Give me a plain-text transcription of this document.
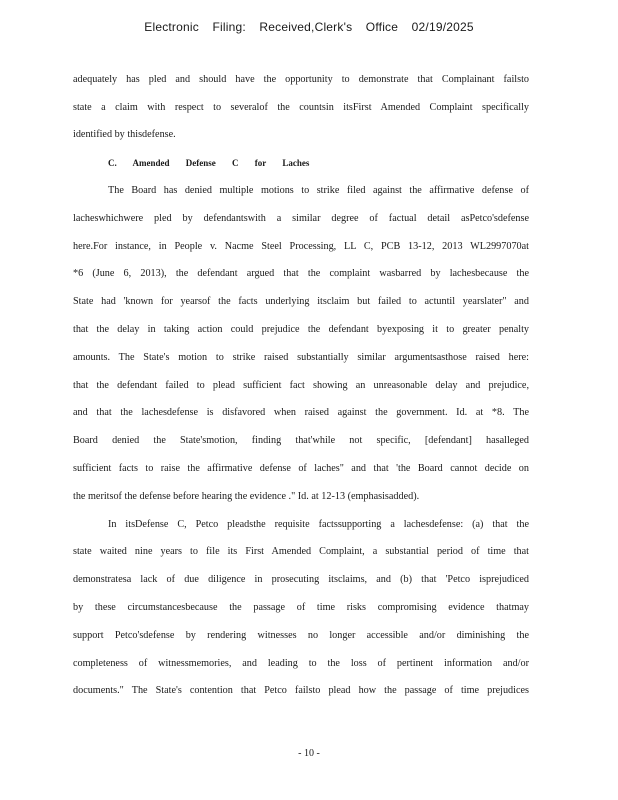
Electronic Filing: Received,Clerk's Office 02/19/2025
adequately has pled and should have the opportunity to demonstrate that Complainant failsto
state a claim with respect to severalof the countsin itsFirst Amended Complaint specifically
identified by thisdefense.
C. Amended Defense C for Laches
The Board has denied multiple motions to strike filed against the affirmative defense of
lacheswhichwere pled by defendantswith a similar degree of factual detail asPetco'sdefense
here.For instance, in People v. Nacme Steel Processing, LL C, PCB 13-12, 2013 WL2997070at
*6 (June 6, 2013), the defendant argued that the complaint wasbarred by lachesbecause the
State had 'known for yearsof the facts underlying itsclaim but failed to actuntil yearslater" and
that the delay in taking action could prejudice the defendant byexposing it to greater penalty
amounts. The State's motion to strike raised substantially similar argumentsasthose raised here:
that the defendant failed to plead sufficient fact showing an unreasonable delay and prejudice,
and that the lachesdefense is disfavored when raised against the government. Id. at *8. The
Board denied the State'smotion, finding that'while not specific, [defendant] hasalleged
sufficient facts to raise the affirmative defense of laches" and that 'the Board cannot decide on
the meritsof the defense before hearing the evidence ." Id. at 12-13 (emphasisadded).
In itsDefense C, Petco pleadsthe requisite factssupporting a lachesdefense: (a) that the
state waited nine years to file its First Amended Complaint, a substantial period of time that
demonstratesa lack of due diligence in prosecuting itsclaims, and (b) that 'Petco isprejudiced
by these circumstancesbecause the passage of time risks compromising evidence thatmay
support Petco'sdefense by rendering witnesses no longer accessible and/or diminishing the
completeness of witnessmemories, and leading to the loss of pertinent information and/or
documents." The State's contention that Petco failsto plead how the passage of time prejudices
- 10 -
